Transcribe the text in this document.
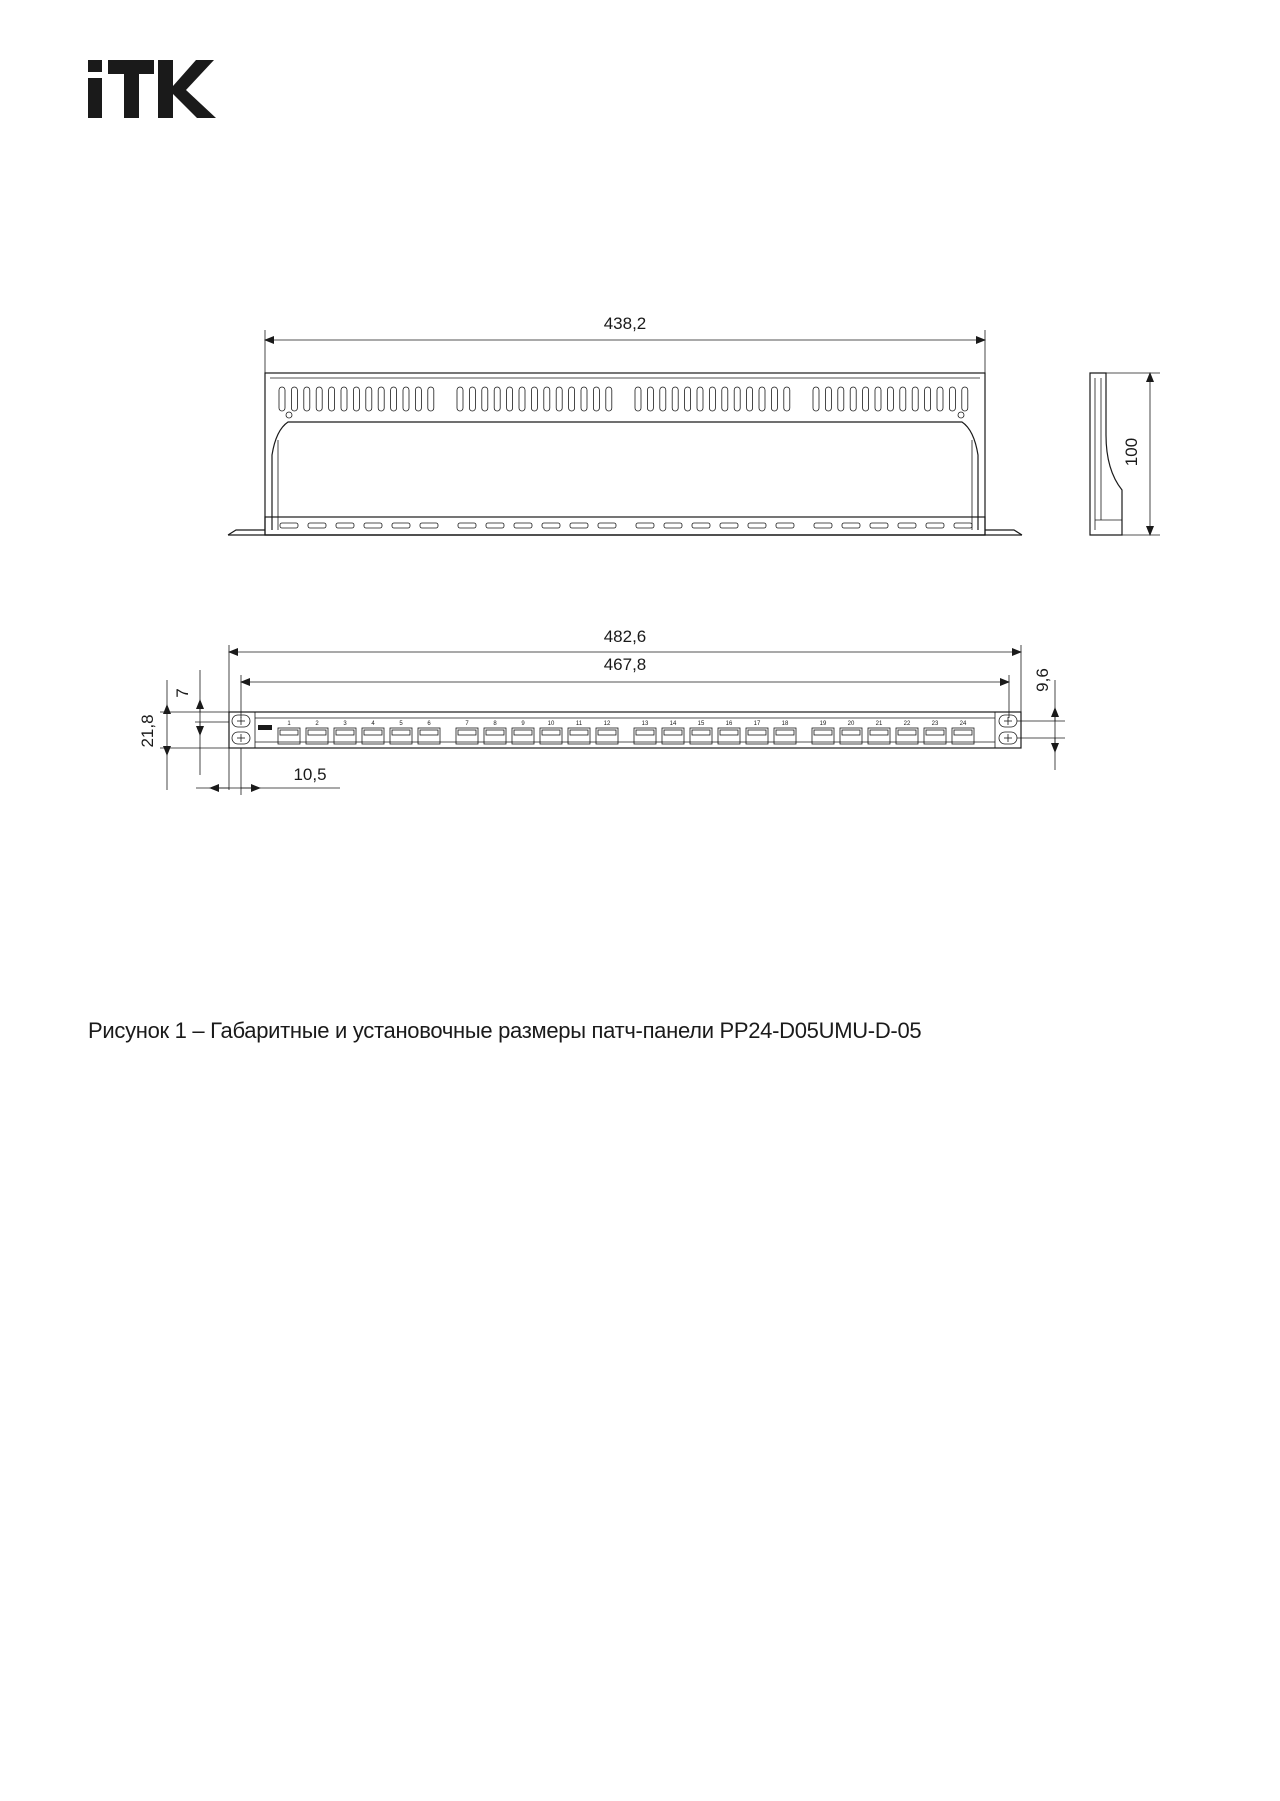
438,2
100
482,6
467,8
1	2	3	4	5	6	7	8	9	10	11	12	13	14	15	16	17	18	19	20	21	22	23	24
21,8
7
10,5
9,6
Рисунок 1 – Габаритные и установочные размеры патч-панели PP24-D05UMU-D-05
